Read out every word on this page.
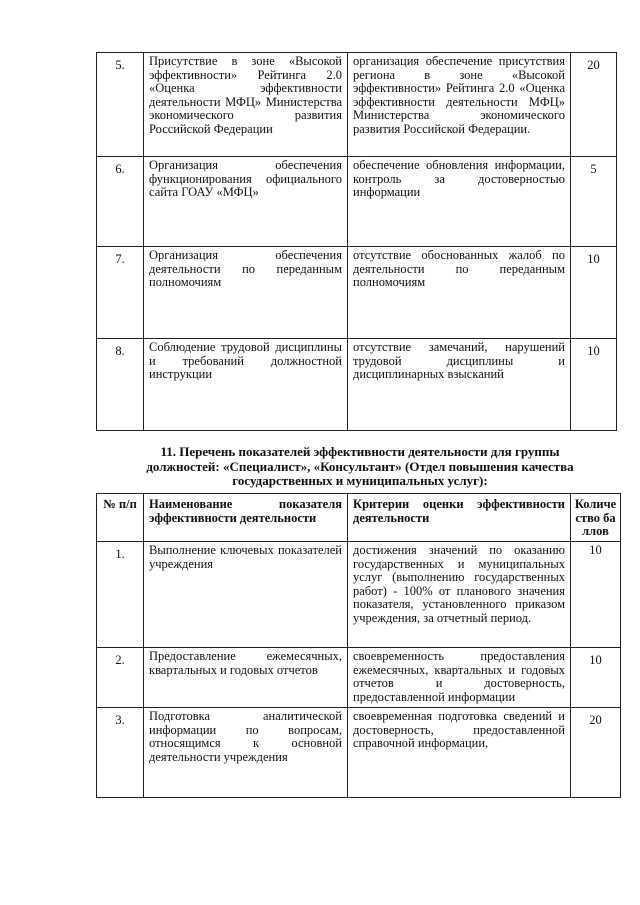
5.	Присутствие в зоне «Высокой эффективности» Рейтинга 2.0 «Оценка эффективности деятельности МФЦ» Министерства экономического развития Российской Федерации	организация обеспечение присутствия региона в зоне «Высокой эффективности» Рейтинга 2.0 «Оценка эффективности деятельности МФЦ» Министерства экономического развития Российской Федерации.	20
6.	Организация обеспечения функционирования официального сайта ГОАУ «МФЦ»	обеспечение обновления информации, контроль за достоверностью информации	5
7.	Организация обеспечения деятельности по переданным полномочиям	отсутствие обоснованных жалоб по деятельности по переданным полномочиям	10
8.	Соблюдение трудовой дисциплины и требований должностной инструкции	отсутствие замечаний, нарушений трудовой дисциплины и дисциплинарных взысканий	10
11. Перечень показателей эффективности деятельности для группы
должностей: «Специалист», «Консультант» (Отдел повышения качества
государственных и муниципальных услуг):
№ п/п	Наименование показателя эффективности деятельности	Критерии оценки эффективности деятельности	Количество баллов
1.	Выполнение ключевых показателей учреждения	достижения значений по оказанию государственных и муниципальных услуг (выполнению государственных работ) - 100% от планового значения показателя, установленного приказом учреждения, за отчетный период.	10
2.	Предоставление ежемесячных, квартальных и годовых отчетов	своевременность предоставления ежемесячных, квартальных и годовых отчетов и достоверность, предоставленной информации	10
3.	Подготовка аналитической информации по вопросам, относящимся к основной деятельности учреждения	своевременная подготовка сведений и достоверность, предоставленной справочной информации,	20
